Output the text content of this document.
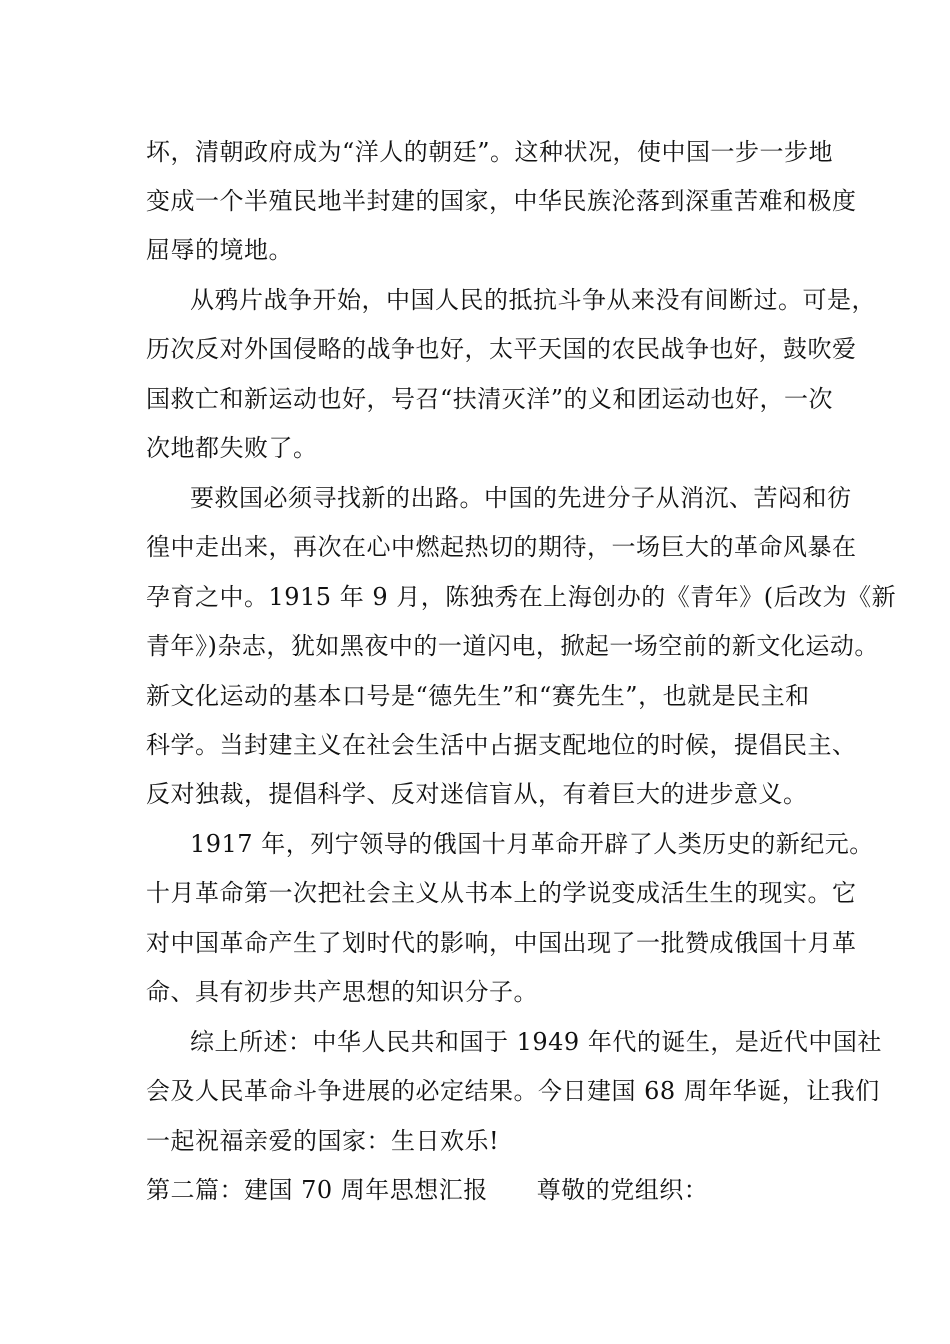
坏，清朝政府成为“洋人的朝廷”。这种状况，使中国一步一步地
变成一个半殖民地半封建的国家，中华民族沦落到深重苦难和极度
屈辱的境地。
从鸦片战争开始，中国人民的抵抗斗争从来没有间断过。可是，
历次反对外国侵略的战争也好，太平天国的农民战争也好，鼓吹爱
国救亡和新运动也好，号召“扶清灭洋”的义和团运动也好，一次
次地都失败了。
要救国必须寻找新的出路。中国的先进分子从消沉、苦闷和彷
徨中走出来，再次在心中燃起热切的期待，一场巨大的革命风暴在
孕育之中。1915 年 9 月，陈独秀在上海创办的《青年》(后改为《新
青年》)杂志，犹如黑夜中的一道闪电，掀起一场空前的新文化运动。
新文化运动的基本口号是“德先生”和“赛先生”，也就是民主和
科学。当封建主义在社会生活中占据支配地位的时候，提倡民主、
反对独裁，提倡科学、反对迷信盲从，有着巨大的进步意义。
1917 年，列宁领导的俄国十月革命开辟了人类历史的新纪元。
十月革命第一次把社会主义从书本上的学说变成活生生的现实。它
对中国革命产生了划时代的影响，中国出现了一批赞成俄国十月革
命、具有初步共产思想的知识分子。
综上所述：中华人民共和国于 1949 年代的诞生，是近代中国社
会及人民革命斗争进展的必定结果。今日建国 68 周年华诞，让我们
一起祝福亲爱的国家：生日欢乐!
第二篇：建国 70 周年思想汇报　　尊敬的党组织：
